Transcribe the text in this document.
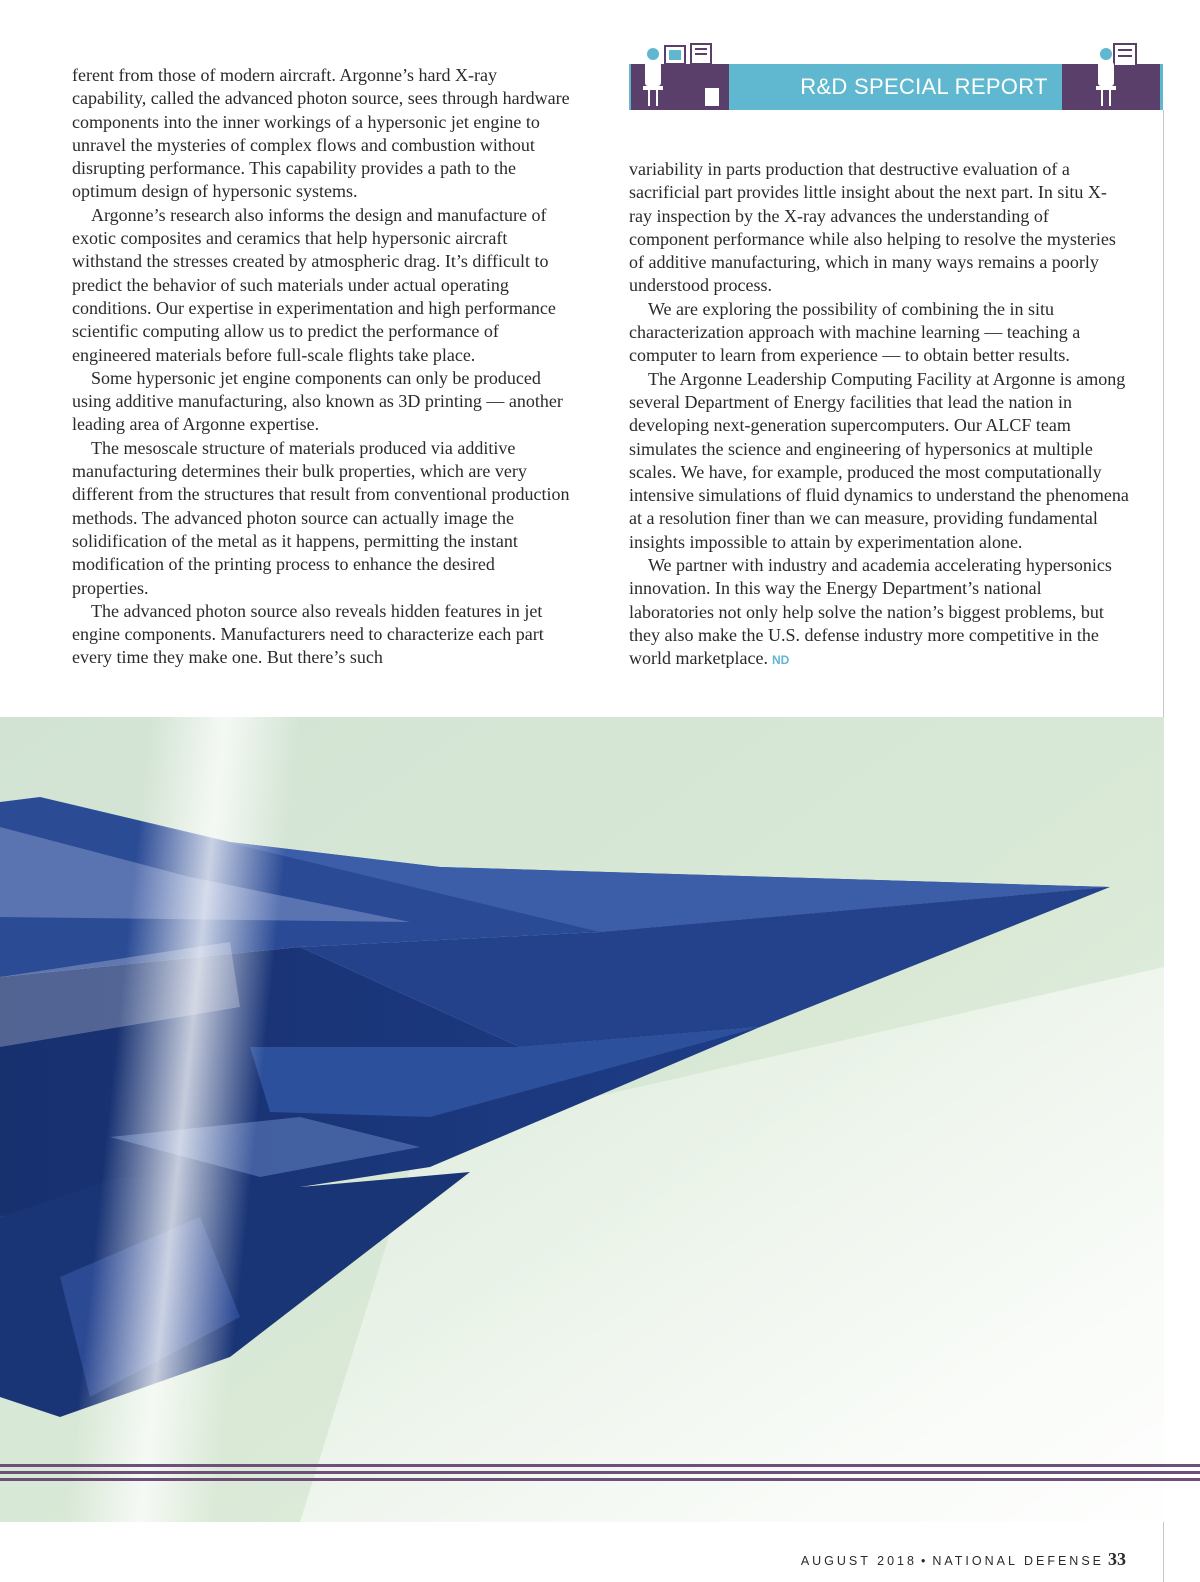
ferent from those of modern aircraft. Argonne’s hard X-ray capability, called the advanced photon source, sees through hardware components into the inner workings of a hypersonic jet engine to unravel the mysteries of complex flows and combustion without disrupting performance. This capability provides a path to the optimum design of hypersonic systems.

Argonne’s research also informs the design and manufacture of exotic composites and ceramics that help hypersonic aircraft withstand the stresses created by atmospheric drag. It’s difficult to predict the behavior of such materials under actual operating conditions. Our expertise in experimentation and high performance scientific computing allow us to predict the performance of engineered materials before full-scale flights take place.

Some hypersonic jet engine components can only be produced using additive manufacturing, also known as 3D printing — another leading area of Argonne expertise.

The mesoscale structure of materials produced via additive manufacturing determines their bulk properties, which are very different from the structures that result from conventional production methods. The advanced photon source can actually image the solidification of the metal as it happens, permitting the instant modification of the printing process to enhance the desired properties.

The advanced photon source also reveals hidden features in jet engine components. Manufacturers need to characterize each part every time they make one. But there’s such

R&D SPECIAL REPORT

variability in parts production that destructive evaluation of a sacrificial part provides little insight about the next part. In situ X-ray inspection by the X-ray advances the understanding of component performance while also helping to resolve the mysteries of additive manufacturing, which in many ways remains a poorly understood process.

We are exploring the possibility of combining the in situ characterization approach with machine learning — teaching a computer to learn from experience — to obtain better results.

The Argonne Leadership Computing Facility at Argonne is among several Department of Energy facilities that lead the nation in developing next-generation supercomputers. Our ALCF team simulates the science and engineering of hypersonics at multiple scales. We have, for example, produced the most computationally intensive simulations of fluid dynamics to understand the phenomena at a resolution finer than we can measure, providing fundamental insights impossible to attain by experimentation alone.

We partner with industry and academia accelerating hypersonics innovation. In this way the Energy Department’s national laboratories not only help solve the nation’s biggest problems, but they also make the U.S. defense industry more competitive in the world marketplace. ND

AUGUST 2018 • NATIONAL DEFENSE 33
